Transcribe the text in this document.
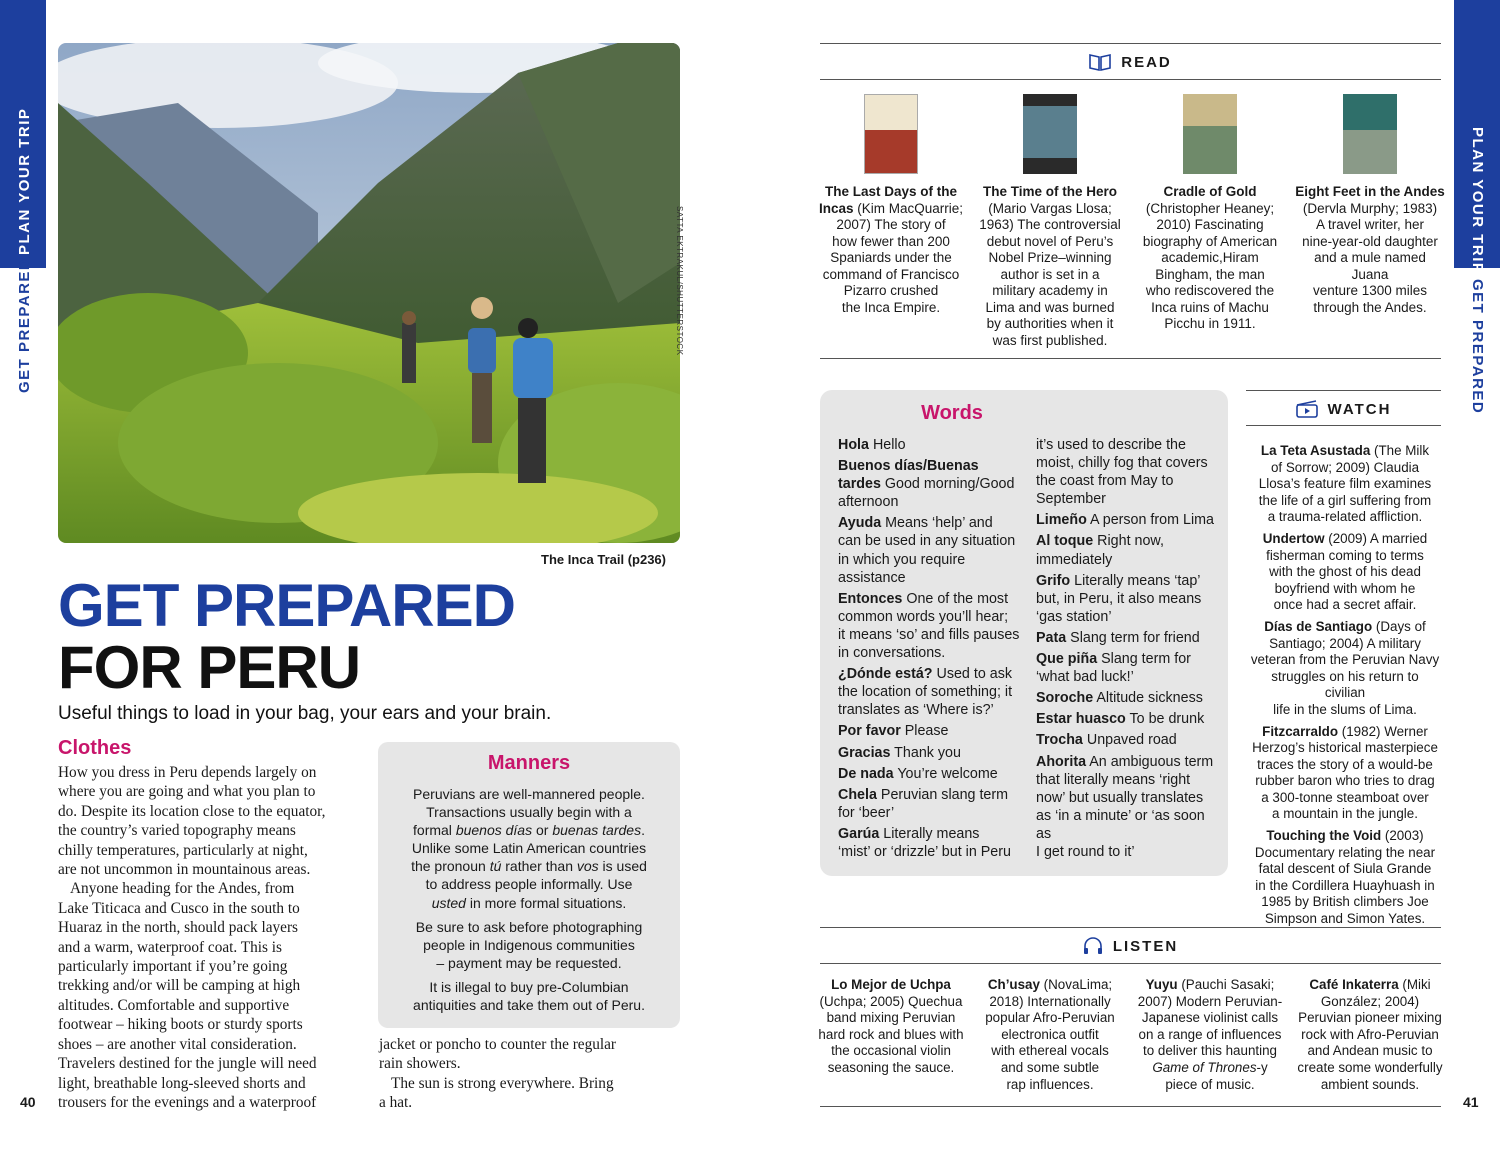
PLAN YOUR TRIP
GET PREPARED
PLAN YOUR TRIP
GET PREPARED
SATTA EKTRAKUL/SHUTTERSTOCK
The Inca Trail (p236)
GET PREPARED
FOR PERU
Useful things to load in your bag, your ears and your brain.
Clothes
How you dress in Peru depends largely on
where you are going and what you plan to
do. Despite its location close to the equator,
the country’s varied topography means
chilly temperatures, particularly at night,
are not uncommon in mountainous areas.
Anyone heading for the Andes, from
Lake Titicaca and Cusco in the south to
Huaraz in the north, should pack layers
and a warm, waterproof coat. This is
particularly important if you’re going
trekking and/or will be camping at high
altitudes. Comfortable and supportive
footwear – hiking boots or sturdy sports
shoes – are another vital consideration.
Travelers destined for the jungle will need
light, breathable long-sleeved shorts and
trousers for the evenings and a waterproof
jacket or poncho to counter the regular
rain showers.
The sun is strong everywhere. Bring
a hat.
Manners

Peruvians are well-mannered people.
Transactions usually begin with a
formal buenos días or buenas tardes.
Unlike some Latin American countries
the pronoun tú rather than vos is used
to address people informally. Use
usted in more formal situations.

Be sure to ask before photographing
people in Indigenous communities
– payment may be requested.

It is illegal to buy pre-Columbian
antiquities and take them out of Peru.

40	41
READ
The Last Days of the
Incas (Kim MacQuarrie;
2007) The story of
how fewer than 200
Spaniards under the
command of Francisco
Pizarro crushed
the Inca Empire.
The Time of the Hero
(Mario Vargas Llosa;
1963) The controversial
debut novel of Peru’s
Nobel Prize–winning
author is set in a
military academy in
Lima and was burned
by authorities when it
was first published.
Cradle of Gold
(Christopher Heaney;
2010) Fascinating
biography of American
academic,Hiram
Bingham, the man
who rediscovered the
Inca ruins of Machu
Picchu in 1911.
Eight Feet in the Andes
(Dervla Murphy; 1983)
A travel writer, her
nine-year-old daughter
and a mule named Juana
venture 1300 miles
through the Andes.
Words

Hola Hello

Buenos días/Buenas
tardes Good morning/Good
afternoon

Ayuda Means ‘help’ and
can be used in any situation
in which you require
assistance

Entonces One of the most
common words you’ll hear;
it means ‘so’ and fills pauses
in conversations.

¿Dónde está? Used to ask
the location of something; it
translates as ‘Where is?’

Por favor Please

Gracias Thank you

De nada You’re welcome

Chela Peruvian slang term
for ‘beer’

Garúa Literally means
‘mist’ or ‘drizzle’ but in Peru

it’s used to describe the
moist, chilly fog that covers
the coast from May to
September

Limeño A person from Lima

Al toque Right now,
immediately

Grifo Literally means ‘tap’
but, in Peru, it also means
‘gas station’

Pata Slang term for friend

Que piña Slang term for
‘what bad luck!’

Soroche Altitude sickness

Estar huasco To be drunk

Trocha Unpaved road

Ahorita An ambiguous term
that literally means ‘right
now’ but usually translates
as ‘in a minute’ or ‘as soon as
I get round to it’

WATCH

La Teta Asustada (The Milk
of Sorrow; 2009) Claudia
Llosa’s feature film examines
the life of a girl suffering from
a trauma-related affliction.

Undertow (2009) A married
fisherman coming to terms
with the ghost of his dead
boyfriend with whom he
once had a secret affair.

Días de Santiago (Days of
Santiago; 2004) A military
veteran from the Peruvian Navy
struggles on his return to civilian
life in the slums of Lima.

Fitzcarraldo (1982) Werner
Herzog’s historical masterpiece
traces the story of a would-be
rubber baron who tries to drag
a 300-tonne steamboat over
a mountain in the jungle.

Touching the Void (2003)
Documentary relating the near
fatal descent of Siula Grande
in the Cordillera Huayhuash in
1985 by British climbers Joe
Simpson and Simon Yates.

LISTEN
Lo Mejor de Uchpa
(Uchpa; 2005) Quechua
band mixing Peruvian
hard rock and blues with
the occasional violin
seasoning the sauce.
Ch’usay (NovaLima;
2018) Internationally
popular Afro-Peruvian
electronica outfit
with ethereal vocals
and some subtle
rap influences.
Yuyu (Pauchi Sasaki;
2007) Modern Peruvian-
Japanese violinist calls
on a range of influences
to deliver this haunting
Game of Thrones-y
piece of music.
Café Inkaterra (Miki
González; 2004)
Peruvian pioneer mixing
rock with Afro-Peruvian
and Andean music to
create some wonderfully
ambient sounds.
